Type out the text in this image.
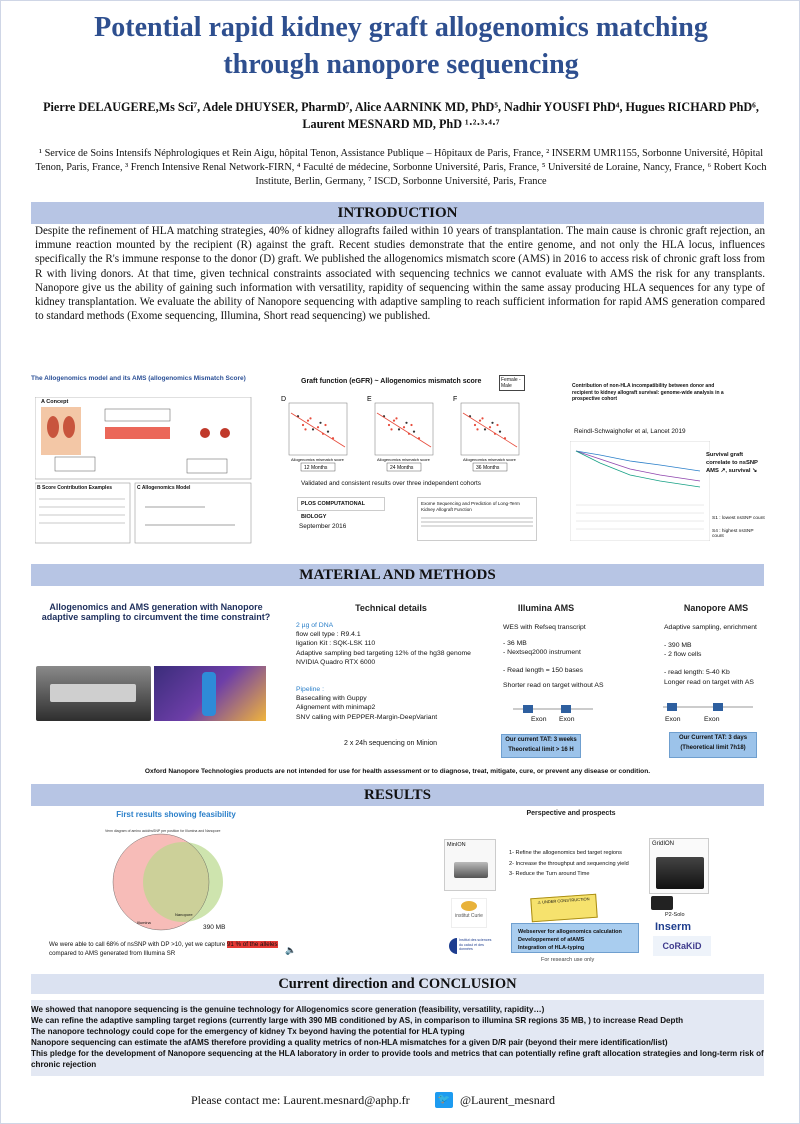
Potential rapid kidney graft allogenomics matching
through nanopore sequencing
Pierre DELAUGERE,Ms Sci⁷, Adele DHUYSER, PharmD⁷, Alice AARNINK MD, PhD⁵, Nadhir YOUSFI PhD⁴, Hugues RICHARD PhD⁶, Laurent MESNARD MD, PhD ¹·²·³·⁴·⁷
¹ Service de Soins Intensifs Néphrologiques et Rein Aigu, hôpital Tenon, Assistance Publique – Hôpitaux de Paris, France, ² INSERM UMR1155, Sorbonne Université, Hôpital Tenon, Paris, France, ³ French Intensive Renal Network-FIRN, ⁴ Faculté de médecine, Sorbonne Université, Paris, France, ⁵ Université de Loraine, Nancy, France, ⁶ Robert Koch Institute, Berlin, Germany, ⁷ ISCD, Sorbonne Université, Paris, France
INTRODUCTION
Despite the refinement of HLA matching strategies, 40% of kidney allografts failed within 10 years of transplantation. The main cause is chronic graft rejection, an immune reaction mounted by the recipient (R) against the graft. Recent studies demonstrate that the entire genome, and not only the HLA locus, influences specifically the R's immune response to the donor (D) graft. We published the allogenomics mismatch score (AMS) in 2016 to access risk of chronic graft loss from R with living donors. At that time, given technical constraints associated with sequencing technics we cannot evaluate with AMS the risk for any transplants. Nanopore give us the ability of gaining such information with versatility, rapidity of sequencing within the same assay producing HLA sequences for any type of kidney transplantation. We evaluate the ability of Nanopore sequencing with adaptive sampling to reach sufficient information for rapid AMS generation compared to standard methods (Exome sequencing, Illumina, Short read sequencing) we published.
The Allogenomics model and its AMS (allogenomics Mismatch Score)
A Concept
B Score Contribution Examples	C Allogenomics Model
Graft function (eGFR) ~ Allogenomics mismatch score	Female - Male
D
Allogenomics mismatch score
12 Months
E
Allogenomics mismatch score
24 Months
F
Allogenomics mismatch score
36 Months
Validated and consistent results over three independent cohorts
PLOS COMPUTATIONAL BIOLOGY
September 2016
Exome Sequencing and Prediction of Long-Term Kidney Allograft Function
Contribution of non-HLA incompatibility between donor and recipient to kidney allograft survival: genome-wide analysis in a prospective cohort
Reindl-Schwaighofer et al, Lancet 2019
Survival graft correlate to nsSNP AMS ↗, survival ↘
S1 : lowest nsSNP count
S4 : highest nsSNP count
MATERIAL AND METHODS
Allogenomics and AMS generation with Nanopore adaptive sampling to circumvent the time constraint?
Technical details
2 µg of DNA
flow cell type : R9.4.1
ligation Kit : SQK-LSK 110
Adaptive sampling bed targeting 12% of the hg38 genome
NVIDIA Quadro RTX 6000
Pipeline :
Basecalling with Guppy
Alignement with minimap2
SNV calling with PEPPER-Margin-DeepVariant
2 x 24h sequencing on Minion
Illumina AMS
WES with Refseq transcript
- 36 MB
- Nextseq2000 instrument
- Read length = 150 bases
Shorter read on target without AS
Exon Exon
Our current TAT: 3 weeks
Theoretical limit > 16 H
Nanopore AMS
Adaptive sampling, enrichment
- 390 MB
- 2 flow cells
- read length: 5-40 Kb
Longer read on target with AS
Exon	Exon
Our Current TAT: 3 days
(Theoretical limit 7h18)
Oxford Nanopore Technologies products are not intended for use for health assessment or to diagnose, treat, mitigate, cure, or prevent any disease or condition.
RESULTS
First results showing feasibility
Venn diagram of amino acid/nsSNP per position for Illumina and Nanopore
Illumina
Nanopore
390 MB
We were able to call 68% of nsSNP with DP >10, yet we capture 91 % of the alleles
compared to AMS generated from Illumina SR	🔈
Perspective and prospects
MinION
1- Refine the allogenomics bed target regions
2- Increase the throughput and sequencing yield
3- Reduce the Turn around Time
GridION
P2-Solo
institut Curie
⚠ UNDER CONSTRUCTION
Webserver for allogenomics calculation
Developpement of afAMS
Integration of HLA-typing
For research use only
Institut des sciences du calcul et des données
Inserm
CoRaKiD
Current direction and CONCLUSION
We showed that nanopore sequencing is the genuine technology for Allogenomics score generation (feasibility, versatility, rapidity…)
We can refine the adaptive sampling target regions (currently large with 390 MB conditioned by AS, in comparison to illumina SR regions 35 MB, ) to increase Read Depth
The nanopore technology could cope for the emergency of kidney Tx beyond having the potential for HLA typing
Nanopore sequencing can estimate the afAMS therefore providing a quality metrics of non-HLA mismatches for a given D/R pair (beyond their mere identification/list)
This pledge for the development of Nanopore sequencing at the HLA laboratory in order to provide tools and metrics that can potentially refine graft allocation strategies and long-term risk of chronic rejection
Please contact me: Laurent.mesnard@aphp.fr	🐦 @Laurent_mesnard
